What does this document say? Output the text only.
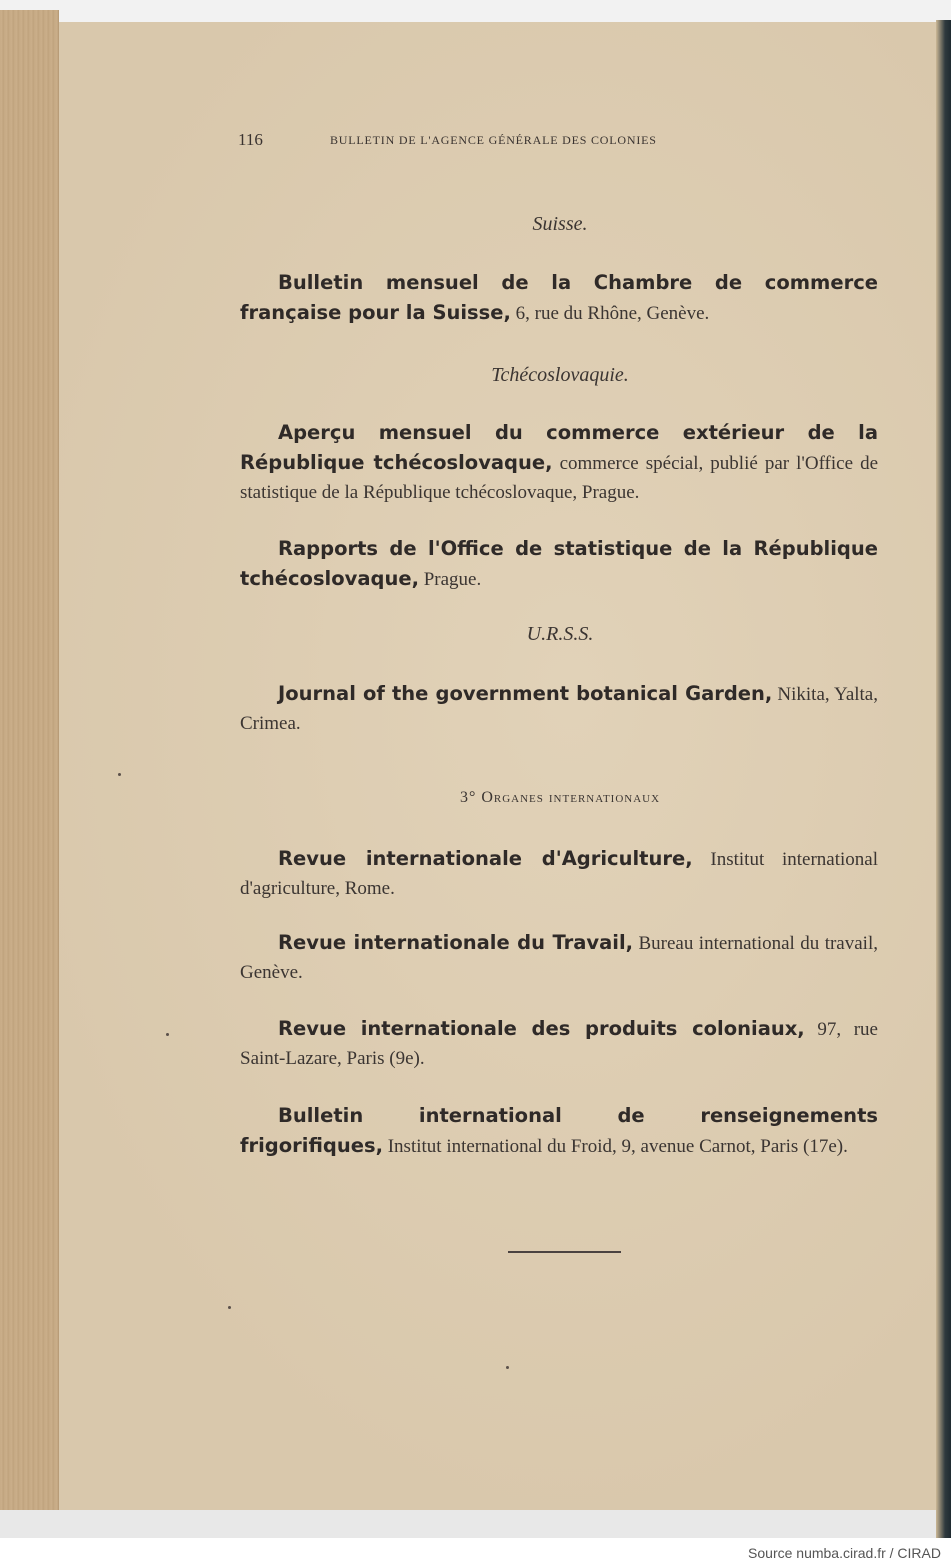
116	BULLETIN DE L'AGENCE GÉNÉRALE DES COLONIES
Suisse.
Bulletin mensuel de la Chambre de commerce française pour la Suisse, 6, rue du Rhône, Genève.
Tchécoslovaquie.
Aperçu mensuel du commerce extérieur de la République tchécoslovaque, commerce spécial, publié par l'Office de statistique de la République tchécoslovaque, Prague.
Rapports de l'Office de statistique de la République tchécoslovaque, Prague.
U.R.S.S.
Journal of the government botanical Garden, Nikita, Yalta, Crimea.
3° Organes internationaux
Revue internationale d'Agriculture, Institut international d'agriculture, Rome.
Revue internationale du Travail, Bureau international du travail, Genève.
Revue internationale des produits coloniaux, 97, rue Saint-Lazare, Paris (9e).
Bulletin international de renseignements frigorifiques, Institut international du Froid, 9, avenue Carnot, Paris (17e).
Source numba.cirad.fr / CIRAD
